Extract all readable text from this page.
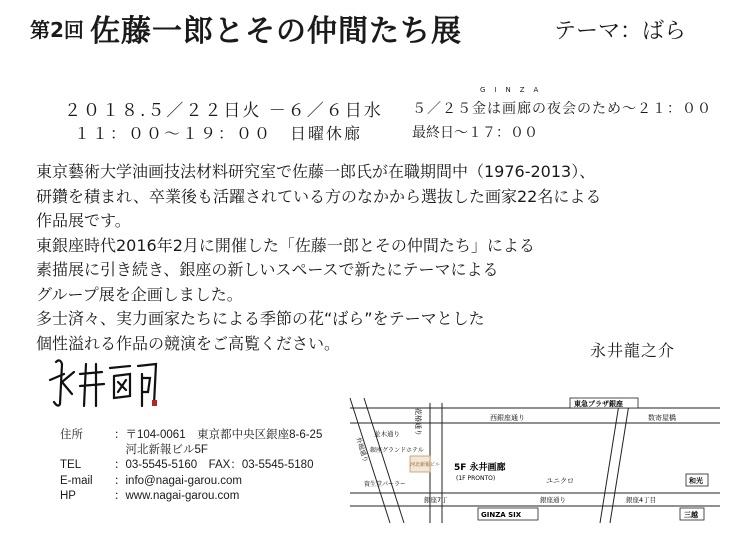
第2回 佐藤一郎とその仲間たち展	テーマ：ばら
２０１８.５／２２日火 －６／６日水
１１：００～１９：００　日曜休廊
GINZA
５／２５金は画廊の夜会のため～２１：００
最終日～１７：００

東京藝術大学油画技法材料研究室で佐藤一郎氏が在職期間中（1976-2013）、

研鑽を積まれ、卒業後も活躍されている方のなかから選抜した画家22名による

作品展です。

東銀座時代2016年2月に開催した「佐藤一郎とその仲間たち」による

素描展に引き続き、銀座の新しいスペースで新たにテーマによる

グループ展を企画しました。

多士済々、実力画家たちによる季節の花“ばら”をテーマとした

個性溢れる作品の競演をご高覧ください。	永井龍之介
住所	：〒104-0061　東京都中央区銀座8-6-25
　河北新報ビル5F
TEL	：03-5545-5160　FAX：03-5545-5180
E-mail	：info@nagai-garou.com
HP	：www.nagai-garou.com
東急プラザ銀座
西銀座通り	数寄屋橋
花椿通り
外堀通り
並木通り
銀座グランドホテル
河北新報ビル 5F 永井画廊
(1F PRONTO)	ユニクロ
資生堂パーラー
銀座7丁	銀座通り	銀座4丁目
和光
GINZA SIX	三越
